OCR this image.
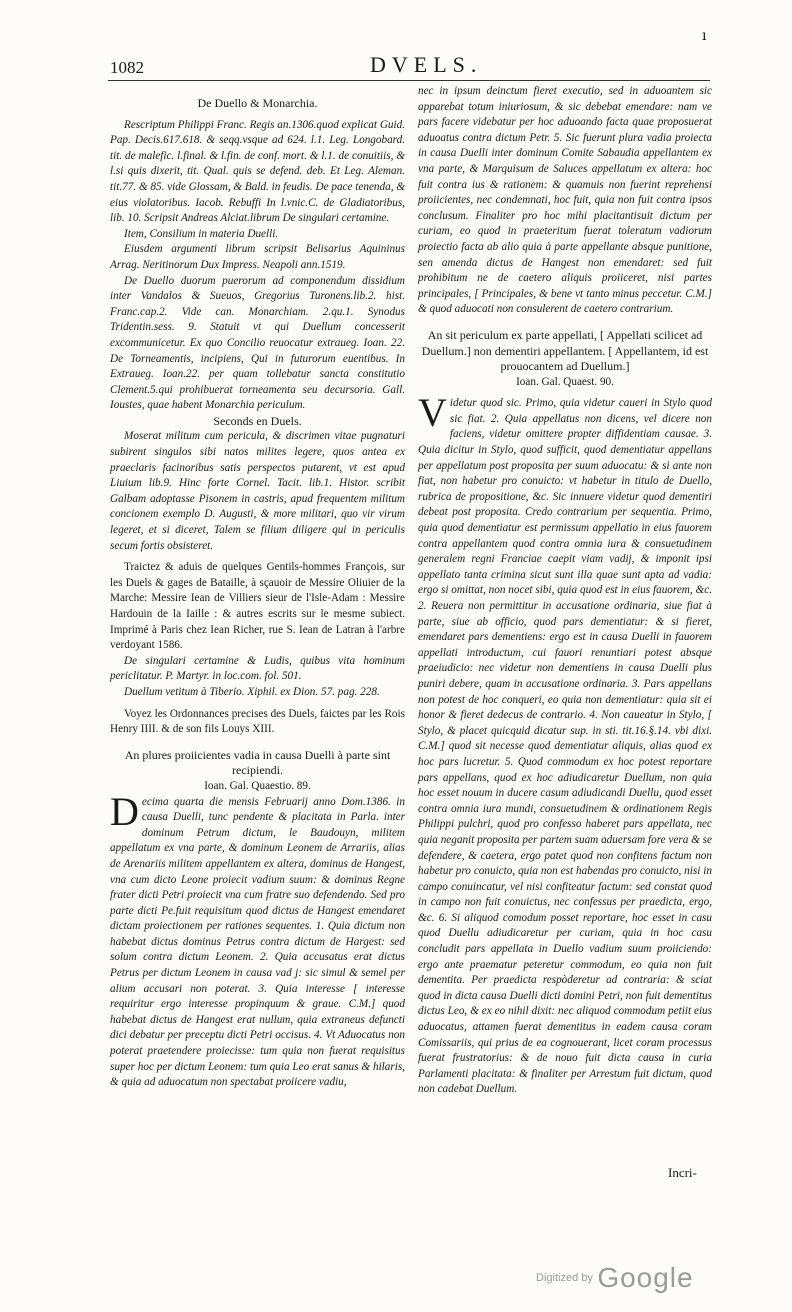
ı
1082	DVELS.

De Duello & Monarchia.

Rescriptum Philippi Franc. Regis an.1306.quod explicat Guid. Pap. Decis.617.618. & seqq.vsque ad 624. l.1. Leg. Longobard. tit. de malefic. l.final. & l.fin. de conf. mort. & l.1. de conuitiis, & l.si quis dixerit, tit. Qual. quis se defend. deb. Et Leg. Aleman. tit.77. & 85. vide Glossam, & Bald. in feudis. De pace tenenda, & eius violatoribus. Iacob. Rebuffi In l.vnic.C. de Gladiatoribus, lib. 10. Scripsit Andreas Alciat.librum De singulari certamine.

Item, Consilium in materia Duelli.

Eiusdem argumenti librum scripsit Belisarius Aquininus Arrag. Neritinorum Dux Impress. Neapoli ann.1519.

De Duello duorum puerorum ad componendum dissidium inter Vandalos & Sueuos, Gregorius Turonens.lib.2. hist. Franc.cap.2. Vide can. Monarchiam. 2.qu.1. Synodus Tridentin.sess. 9. Statuit vt qui Duellum concesserit excommunicetur. Ex quo Concilio reuocatur extraueg. Ioan. 22. De Torneamentis, incipiens, Qui in futurorum euentibus. In Extraueg. Ioan.22. per quam tollebatur sancta constitutio Clement.5.qui prohibuerat torneamenta seu decursoria. Gall. Ioustes, quae habent Monarchia periculum.

Seconds en Duels.

Moserat militum cum pericula, & discrimen vitae pugnaturi subirent singulos sibi natos milites legere, quos antea ex praeclaris facinoribus satis perspectos putarent, vt est apud Liuium lib.9. Hinc forte Cornel. Tacit. lib.1. Histor. scribit Galbam adoptasse Pisonem in castris, apud frequentem militum concionem exemplo D. Augusti, & more militari, quo vir virum legeret, et si diceret, Talem se filium diligere qui in periculis secum fortis obsisteret.

Traictez & aduis de quelques Gentils-hommes François, sur les Duels & gages de Bataille, à sçauoir de Messire Oliuier de la Marche: Messire Iean de Villiers sieur de l'Isle-Adam : Messire Hardouin de la Iaille : & autres escrits sur le mesme subiect. Imprimé à Paris chez Iean Richer, rue S. Iean de Latran à l'arbre verdoyant 1586.

De singulari certamine & Ludis, quibus vita hominum periclitatur. P. Martyr. in loc.com. fol. 501.

Duellum vetitum à Tiberio. Xiphil. ex Dion. 57. pag. 228.

Voyez les Ordonnances precises des Duels, faictes par les Rois Henry IIII. & de son fils Louys XIII.

An plures proiicientes vadia in causa Duelli à parte sint recipiendi.

Ioan. Gal. Quaestio. 89.

Decima quarta die mensis Februarij anno Dom.1386. in causa Duelli, tunc pendente & placitata in Parla. inter dominum Petrum dictum, le Baudouyn, militem appellatum ex vna parte, & dominum Leonem de Arrariis, alias de Arenariis militem appellantem ex altera, dominus de Hangest, vna cum dicto Leone proiecit vadium suum: & dominus Regne frater dicti Petri proiecit vna cum fratre suo defendendo. Sed pro parte dicti Pe.fuit requisitum quod dictus de Hangest emendaret dictam proiectionem per rationes sequentes. 1. Quia dictum non habebat dictus dominus Petrus contra dictum de Hargest: sed solum contra dictum Leonem. 2. Quia accusatus erat dictus Petrus per dictum Leonem in causa vad j: sic simul & semel per alium accusari non poterat. 3. Quia interesse [ interesse requiritur ergo interesse propinquum & graue. C.M.] quod habebat dictus de Hangest erat nullum, quia extraneus defuncti dici debatur per preceptu dicti Petri occisus. 4. Vt Aduocatus non poterat praetendere proiecisse: tum quia non fuerat requisitus super hoc per dictum Leonem: tum quia Leo erat sanus & hilaris, & quia ad aduocatum non spectabat proiicere vadiu,

nec in ipsum deinctum fieret executio, sed in aduoantem sic apparebat totum iniuriosum, & sic debebat emendare: nam ve pars facere videbatur per hoc aduoando facta quae proposuerat aduoatus contra dictum Petr. 5. Sic fuerunt plura vadia proiecta in causa Duelli inter dominum Comite Sabaudia appellantem ex vna parte, & Marquisum de Saluces appellatum ex altera: hoc fuit contra ius & rationem: & quamuis non fuerint reprehensi proiicientes, nec condemnati, hoc fuit, quia non fuit contra ipsos conclusum. Finaliter pro hoc mihi placitantisuit dictum per curiam, eo quod in praeteritum fuerat toleratum vadiorum proiectio facta ab alio quia à parte appellante absque punitione, sen amenda dictus de Hangest non emendaret: sed fuit prohibitum ne de caetero aliquis proiiceret, nisi partes principales, [ Principales, & bene vt tanto minus peccetur. C.M.] & quod aduocati non consulerent de caetero contrarium.

An sit periculum ex parte appellati, [ Appellati scilicet ad Duellum.] non dementiri appellantem. [ Appellantem, id est prouocantem ad Duellum.]

Ioan. Gal. Quaest. 90.

Videtur quod sic. Primo, quia videtur caueri in Stylo quod sic fiat. 2. Quia appellatus non dicens, vel dicere non faciens, videtur omittere propter diffidentiam causae. 3. Quia dicitur in Stylo, quod sufficit, quod dementiatur appellans per appellatum post proposita per suum aduocatu: & si ante non fiat, non habetur pro conuicto: vt habetur in titulo de Duello, rubrica de propositione, &c. Sic innuere videtur quod dementiri debeat post proposita. Credo contrarium per sequentia. Primo, quia quod dementiatur est permissum appellatio in eius fauorem contra appellantem quod contra omnia iura & consuetudinem generalem regni Franciae caepit viam vadij, & imponit ipsi appellato tanta crimina sicut sunt illa quae sunt apta ad vadia: ergo si omittat, non nocet sibi, quia quod est in eius fauorem, &c. 2. Reuera non permittitur in accusatione ordinaria, siue fiat à parte, siue ab officio, quod pars dementiatur: & si fieret, emendaret pars dementiens: ergo est in causa Duelli in fauorem appellati introductum, cui fauori renuntiari potest absque praeiudicio: nec videtur non dementiens in causa Duelli plus puniri debere, quam in accusatione ordinaria. 3. Pars appellans non potest de hoc conqueri, eo quia non dementiatur: quia sit ei honor & fieret dedecus de contrario. 4. Non caueatur in Stylo, [ Stylo, & placet quicquid dicatur sup. in sti. tit.16.§.14. vbi dixi. C.M.] quod sit necesse quod dementiatur aliquis, alias quod ex hoc pars lucretur. 5. Quod commodum ex hoc potest reportare pars appellans, quod ex hoc adiudicaretur Duellum, non quia hoc esset nouum in ducere casum adiudicandi Duellu, quod esset contra omnia iura mundi, consuetudinem & ordinationem Regis Philippi pulchri, quod pro confesso haberet pars appellata, nec quia neganit proposita per partem suam aduersam fore vera & se defendere, & caetera, ergo patet quod non confitens factum non habetur pro conuicto, quia non est habendas pro conuicto, nisi in campo conuincatur, vel nisi confiteatur factum: sed constat quod in campo non fuit conuictus, nec confessus per praedicta, ergo, &c. 6. Si aliquod comodum posset reportare, hoc esset in casu quod Duellu adiudicaretur per curiam, quia in hoc casu concludit pars appellata in Duello vadium suum proiiciendo: ergo ante praematur peteretur commodum, eo quia non fuit dementita. Per praedicta respòderetur ad contraria: & sciat quod in dicta causa Duelli dicti domini Petri, non fuit dementitus dictus Leo, & ex eo nihil dixit: nec aliquod commodum petiit eius aduocatus, attamen fuerat dementitus in eadem causa coram Comissariis, qui prius de ea cognouerant, licet coram processus fuerat frustratorius: & de nouo fuit dicta causa in curia Parlamenti placitata: & finaliter per Arrestum fuit dictum, quod non cadebat Duellum.

Incri-
Digitized by Google
